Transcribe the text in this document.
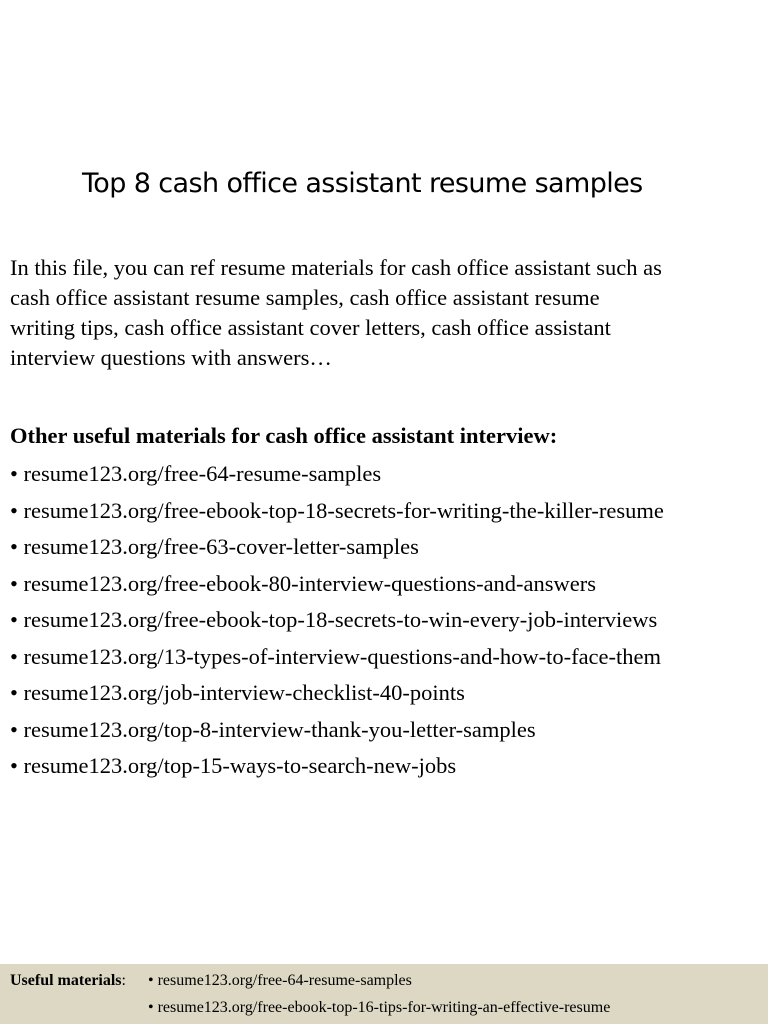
Top 8 cash office assistant resume samples
In this file, you can ref resume materials for cash office assistant such as
cash office assistant resume samples, cash office assistant resume
writing tips, cash office assistant cover letters, cash office assistant
interview questions with answers…
Other useful materials for cash office assistant interview:
• resume123.org/free-64-resume-samples
• resume123.org/free-ebook-top-18-secrets-for-writing-the-killer-resume
• resume123.org/free-63-cover-letter-samples
• resume123.org/free-ebook-80-interview-questions-and-answers
• resume123.org/free-ebook-top-18-secrets-to-win-every-job-interviews
• resume123.org/13-types-of-interview-questions-and-how-to-face-them
• resume123.org/job-interview-checklist-40-points
• resume123.org/top-8-interview-thank-you-letter-samples
• resume123.org/top-15-ways-to-search-new-jobs
Useful materials: • resume123.org/free-64-resume-samples
• resume123.org/free-ebook-top-16-tips-for-writing-an-effective-resume
